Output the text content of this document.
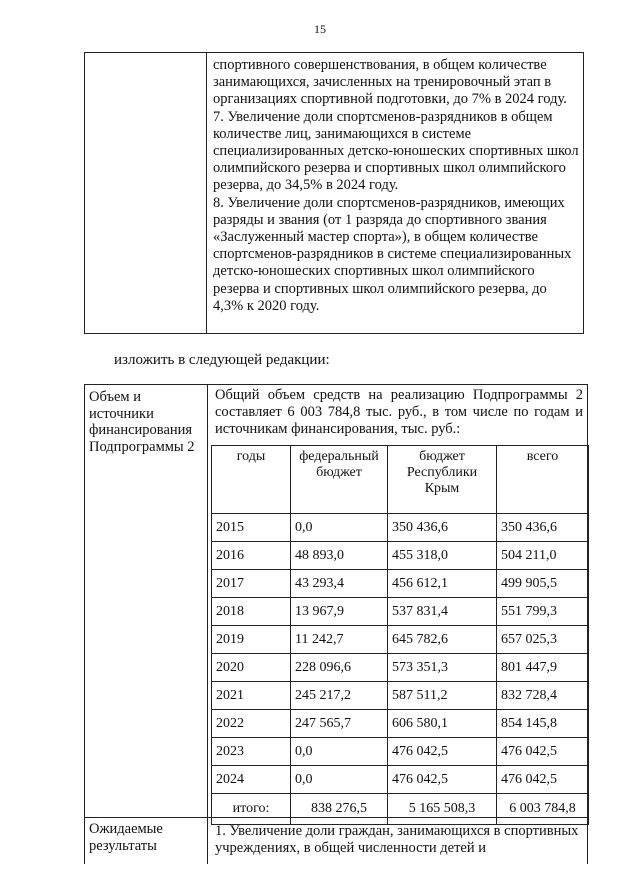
15

спортивного совершенствования, в общем количестве занимающихся, зачисленных на тренировочный этап в организациях спортивной подготовки, до 7% в 2024 году.

7. Увеличение доли спортсменов-разрядников в общем количестве лиц, занимающихся в системе специализированных детско-юношеских спортивных школ олимпийского резерва и спортивных школ олимпийского резерва, до 34,5% в 2024 году.

8. Увеличение доли спортсменов-разрядников, имеющих разряды и звания (от 1 разряда до спортивного звания «Заслуженный мастер спорта»), в общем количестве спортсменов-разрядников в системе специализированных детско-юношеских спортивных школ олимпийского резерва и спортивных школ олимпийского резерва, до 4,3% к 2020 году.

изложить в следующей редакции:
Объем и источники финансирования Подпрограммы 2
Общий объем средств на реализацию Подпрограммы 2 составляет 6 003 784,8 тыс. руб., в том числе по годам и источникам финансирования, тыс. руб.:
годы	федеральный бюджет	бюджет Республики Крым	всего
2015	0,0	350 436,6	350 436,6
2016	48 893,0	455 318,0	504 211,0
2017	43 293,4	456 612,1	499 905,5
2018	13 967,9	537 831,4	551 799,3
2019	11 242,7	645 782,6	657 025,3
2020	228 096,6	573 351,3	801 447,9
2021	245 217,2	587 511,2	832 728,4
2022	247 565,7	606 580,1	854 145,8
2023	0,0	476 042,5	476 042,5
2024	0,0	476 042,5	476 042,5
итого:	838 276,5	5 165 508,3	6 003 784,8
Ожидаемые результаты
1. Увеличение доли граждан, занимающихся в спортивных учреждениях, в общей численности детей и
